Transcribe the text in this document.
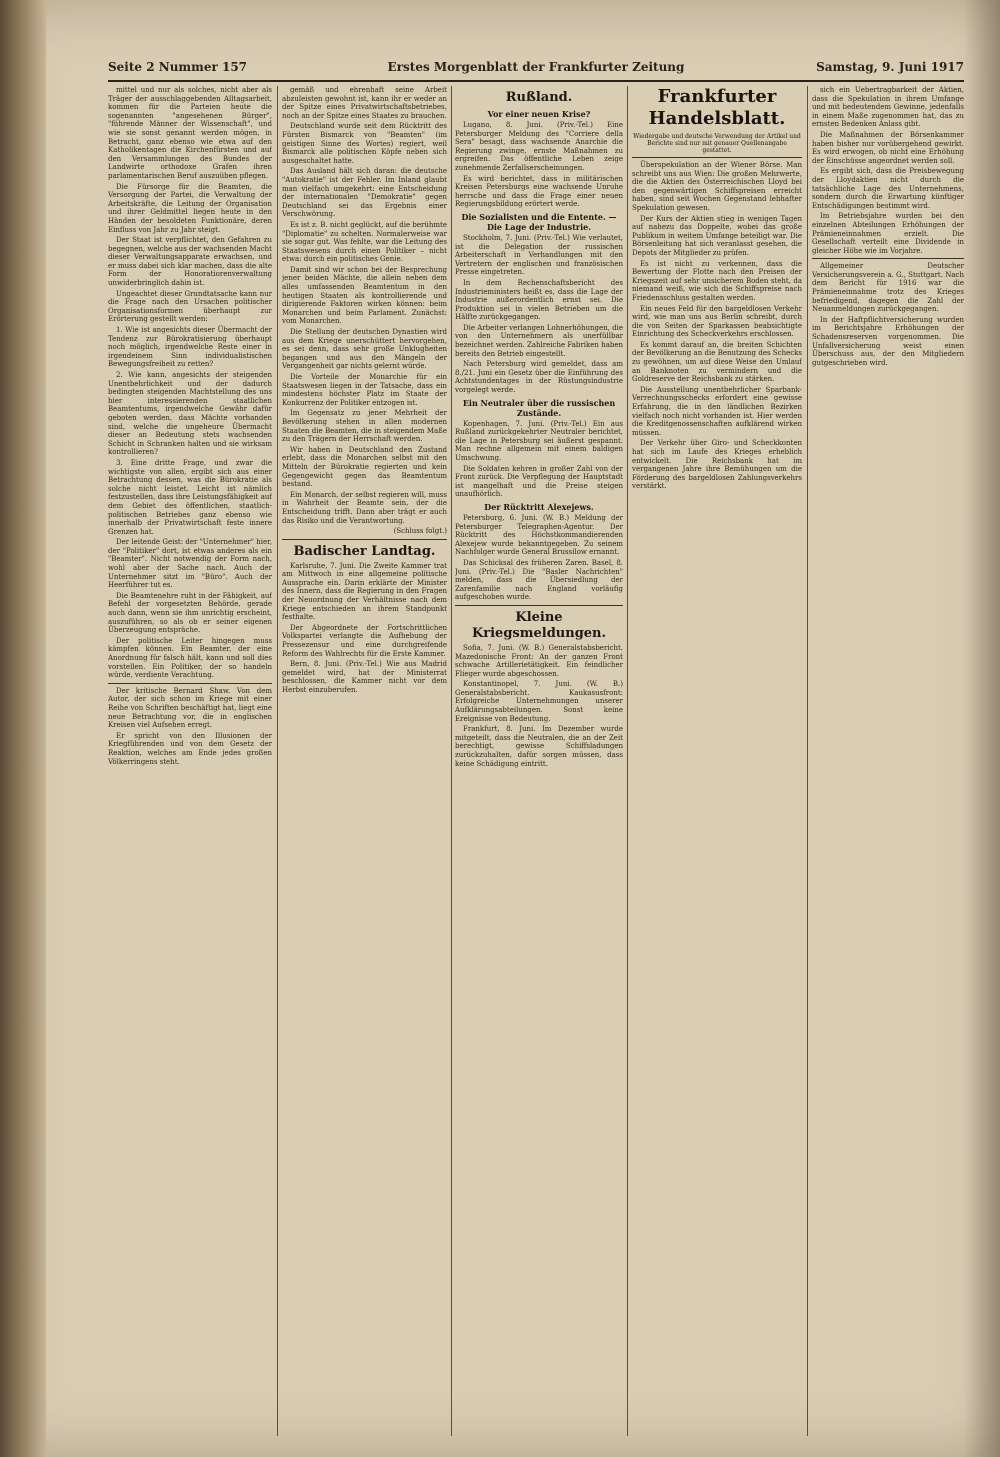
Seite 2 Nummer 157	Erstes Morgenblatt der Frankfurter Zeitung	Samstag, 9. Juni 1917

mittel und nur als solches, nicht aber als Träger der ausschlaggebenden Alltagsarbeit, kommen für die Parteien heute die sogenannten "angesehenen Bürger", "führende Männer der Wissenschaft", und wie sie sonst genannt werden mögen, in Betracht, ganz ebenso wie etwa auf den Katholikentagen die Kirchenfürsten und auf den Versammlungen des Bundes der Landwirte orthodoxe Grafen ihren parlamentarischen Beruf auszuüben pflegen.

Die Fürsorge für die Beamten, die Versorgung der Partei, die Verwaltung der Arbeitskräfte, die Leitung der Organisation und ihrer Geldmittel liegen heute in den Händen der besoldeten Funktionäre, deren Einfluss von Jahr zu Jahr steigt.

Der Staat ist verpflichtet, den Gefahren zu begegnen, welche aus der wachsenden Macht dieser Verwaltungsapparate erwachsen, und er muss dabei sich klar machen, dass die alte Form der Honoratiorenverwaltung unwiderbringlich dahin ist.

Ungeachtet dieser Grundtatsache kann nur die Frage nach den Ursachen politischer Organisationsformen überhaupt zur Erörterung gestellt werden:

1. Wie ist angesichts dieser Übermacht der Tendenz zur Bürokratisierung überhaupt noch möglich, irgendwelche Reste einer in irgendeinem Sinn individualistischen Bewegungsfreiheit zu retten?

2. Wie kann, angesichts der steigenden Unentbehrlichkeit und der dadurch bedingten steigenden Machtstellung des uns hier interessierenden staatlichen Beamtentums, irgendwelche Gewähr dafür geboten werden, dass Mächte vorhanden sind, welche die ungeheure Übermacht dieser an Bedeutung stets wachsenden Schicht in Schranken halten und sie wirksam kontrollieren?

3. Eine dritte Frage, und zwar die wichtigste von allen, ergibt sich aus einer Betrachtung dessen, was die Bürokratie als solche nicht leistet. Leicht ist nämlich festzustellen, dass ihre Leistungsfähigkeit auf dem Gebiet des öffentlichen, staatlich-politischen Betriebes ganz ebenso wie innerhalb der Privatwirtschaft feste innere Grenzen hat.

Der leitende Geist: der "Unternehmer" hier, der "Politiker" dort, ist etwas anderes als ein "Beamter". Nicht notwendig der Form nach, wohl aber der Sache nach. Auch der Unternehmer sitzt im "Büro". Auch der Heerführer tut es.

Die Beamtenehre ruht in der Fähigkeit, auf Befehl der vorgesetzten Behörde, gerade auch dann, wenn sie ihm unrichtig erscheint, auszuführen, so als ob er seiner eigenen Überzeugung entspräche.

Der politische Leiter hingegen muss kämpfen können. Ein Beamter, der eine Anordnung für falsch hält, kann und soll dies vorstellen. Ein Politiker, der so handeln würde, verdiente Verachtung.

Der kritische Bernard Shaw. Von dem Autor, der sich schon im Kriege mit einer Reihe von Schriften beschäftigt hat, liegt eine neue Betrachtung vor, die in englischen Kreisen viel Aufsehen erregt.

Er spricht von den Illusionen der Kriegführenden und von dem Gesetz der Reaktion, welches am Ende jedes großen Völkerringens steht.

gemäß und ehrenhaft seine Arbeit abzuleisten gewohnt ist, kann ihr er weder an der Spitze eines Privatwirtschaftsbetriebes, noch an der Spitze eines Staates zu brauchen.

Deutschland wurde seit dem Rücktritt des Fürsten Bismarck von "Beamten" (im geistigen Sinne des Wortes) regiert, weil Bismarck alle politischen Köpfe neben sich ausgeschaltet hatte.

Das Ausland hält sich daran: die deutsche "Autokratie" ist der Fehler. Im Inland glaubt man vielfach umgekehrt: eine Entscheidung der internationalen "Demokratie" gegen Deutschland sei das Ergebnis einer Verschwörung.

Es ist z. B. nicht geglückt, auf die berühmte "Diplomatie" zu schelten. Normalerweise war sie sogar gut. Was fehlte, war die Leitung des Staatswesens durch einen Politiker – nicht etwa: durch ein politisches Genie.

Damit sind wir schon bei der Besprechung jener beiden Mächte, die allein neben dem alles umfassenden Beamtentum in den heutigen Staaten als kontrollierende und dirigierende Faktoren wirken können: beim Monarchen und beim Parlament. Zunächst: vom Monarchen.

Die Stellung der deutschen Dynastien wird aus dem Kriege unerschüttert hervorgehen, es sei denn, dass sehr große Unklugheiten begangen und aus den Mängeln der Vergangenheit gar nichts gelernt würde.

Die Vorteile der Monarchie für ein Staatswesen liegen in der Tatsache, dass ein mindestens höchster Platz im Staate der Konkurrenz der Politiker entzogen ist.

Im Gegensatz zu jener Mehrheit der Bevölkerung stehen in allen modernen Staaten die Beamten, die in steigendem Maße zu den Trägern der Herrschaft werden.

Wir haben in Deutschland den Zustand erlebt, dass die Monarchen selbst mit den Mitteln der Bürokratie regierten und kein Gegengewicht gegen das Beamtentum bestand.

Ein Monarch, der selbst regieren will, muss in Wahrheit der Beamte sein, der die Entscheidung trifft. Dann aber trägt er auch das Risiko und die Verantwortung.

(Schluss folgt.)

Badischer Landtag.

Karlsruhe, 7. Juni. Die Zweite Kammer trat am Mittwoch in eine allgemeine politische Aussprache ein. Darin erklärte der Minister des Innern, dass die Regierung in den Fragen der Neuordnung der Verhältnisse nach dem Kriege entschieden an ihrem Standpunkt festhalte.

Der Abgeordnete der Fortschrittlichen Volkspartei verlangte die Aufhebung der Pressezensur und eine durchgreifende Reform des Wahlrechts für die Erste Kammer.

Bern, 8. Juni. (Priv.-Tel.) Wie aus Madrid gemeldet wird, hat der Ministerrat beschlossen, die Kammer nicht vor dem Herbst einzuberufen.

Rußland.
Vor einer neuen Krise?

Lugano, 8. Juni. (Priv.-Tel.) Eine Petersburger Meldung des "Corriere della Sera" besagt, dass wachsende Anarchie die Regierung zwinge, ernste Maßnahmen zu ergreifen. Das öffentliche Leben zeige zunehmende Zerfallserscheinungen.

Es wird berichtet, dass in militärischen Kreisen Petersburgs eine wachsende Unruhe herrsche und dass die Frage einer neuen Regierungsbildung erörtert werde.

Die Sozialisten und die Entente. — Die Lage der Industrie.

Stockholm, 7. Juni. (Priv.-Tel.) Wie verlautet, ist die Delegation der russischen Arbeiterschaft in Verhandlungen mit den Vertretern der englischen und französischen Presse eingetreten.

In dem Rechenschaftsbericht des Industrieministers heißt es, dass die Lage der Industrie außerordentlich ernst sei. Die Produktion sei in vielen Betrieben um die Hälfte zurückgegangen.

Die Arbeiter verlangen Lohnerhöhungen, die von den Unternehmern als unerfüllbar bezeichnet werden. Zahlreiche Fabriken haben bereits den Betrieb eingestellt.

Nach Petersburg wird gemeldet, dass am 8./21. Juni ein Gesetz über die Einführung des Achtstundentages in der Rüstungsindustrie vorgelegt werde.

Ein Neutraler über die russischen Zustände.

Kopenhagen, 7. Juni. (Priv.-Tel.) Ein aus Rußland zurückgekehrter Neutraler berichtet, die Lage in Petersburg sei äußerst gespannt. Man rechne allgemein mit einem baldigen Umschwung.

Die Soldaten kehren in großer Zahl von der Front zurück. Die Verpflegung der Hauptstadt ist mangelhaft und die Preise steigen unaufhörlich.

Der Rücktritt Alexejews.

Petersburg, 6. Juni. (W. B.) Meldung der Petersburger Telegraphen-Agentur. Der Rücktritt des Höchstkommandierenden Alexejew wurde bekanntgegeben. Zu seinem Nachfolger wurde General Brussilow ernannt.

Das Schicksal des früheren Zaren. Basel, 8. Juni. (Priv.-Tel.) Die "Basler Nachrichten" melden, dass die Übersiedlung der Zarenfamilie nach England vorläufig aufgeschoben wurde.

Kleine Kriegsmeldungen.

Sofia, 7. Juni. (W. B.) Generalstabsbericht. Mazedonische Front: An der ganzen Front schwache Artillerietätigkeit. Ein feindlicher Flieger wurde abgeschossen.

Konstantinopel, 7. Juni. (W. B.) Generalstabsbericht. Kaukasusfront: Erfolgreiche Unternehmungen unserer Aufklärungsabteilungen. Sonst keine Ereignisse von Bedeutung.

Frankfurt, 8. Juni. Im Dezember wurde mitgeteilt, dass die Neutralen, die an der Zeit berechtigt, gewisse Schiffsladungen zurückzuhalten, dafür sorgen müssen, dass keine Schädigung eintritt.

Frankfurter Handelsblatt.
Wiedergabe und deutsche Verwendung der Artikel und Berichte sind nur mit genauer Quellenangabe gestattet.

Überspekulation an der Wiener Börse. Man schreibt uns aus Wien: Die großen Mehrwerte, die die Aktien des Österreichischen Lloyd bei den gegenwärtigen Schiffspreisen erreicht haben, sind seit Wochen Gegenstand lebhafter Spekulation gewesen.

Der Kurs der Aktien stieg in wenigen Tagen auf nahezu das Doppelte, wobei das große Publikum in weitem Umfange beteiligt war. Die Börsenleitung hat sich veranlasst gesehen, die Depots der Mitglieder zu prüfen.

Es ist nicht zu verkennen, dass die Bewertung der Flotte nach den Preisen der Kriegszeit auf sehr unsicherem Boden steht, da niemand weiß, wie sich die Schiffspreise nach Friedensschluss gestalten werden.

Ein neues Feld für den bargeldlosen Verkehr wird, wie man uns aus Berlin schreibt, durch die von Seiten der Sparkassen beabsichtigte Einrichtung des Scheckverkehrs erschlossen.

Es kommt darauf an, die breiten Schichten der Bevölkerung an die Benutzung des Schecks zu gewöhnen, um auf diese Weise den Umlauf an Banknoten zu vermindern und die Goldreserve der Reichsbank zu stärken.

Die Ausstellung unentbehrlicher Sparbank-Verrechnungsschecks erfordert eine gewisse Erfahrung, die in den ländlichen Bezirken vielfach noch nicht vorhanden ist. Hier werden die Kreditgenossenschaften aufklärend wirken müssen.

Der Verkehr über Giro- und Scheckkonten hat sich im Laufe des Krieges erheblich entwickelt. Die Reichsbank hat im vergangenen Jahre ihre Bemühungen um die Förderung des bargeldlosen Zahlungsverkehrs verstärkt.

sich ein Uebertragbarkeit der Aktien, dass die Spekulation in ihrem Umfange und mit bedeutendem Gewinne, jedenfalls in einem Maße zugenommen hat, das zu ernsten Bedenken Anlass gibt.

Die Maßnahmen der Börsenkammer haben bisher nur vorübergehend gewirkt. Es wird erwogen, ob nicht eine Erhöhung der Einschüsse angeordnet werden soll.

Es ergibt sich, dass die Preisbewegung der Lloydaktien nicht durch die tatsächliche Lage des Unternehmens, sondern durch die Erwartung künftiger Entschädigungen bestimmt wird.

Im Betriebsjahre wurden bei den einzelnen Abteilungen Erhöhungen der Prämieneinnahmen erzielt. Die Gesellschaft verteilt eine Dividende in gleicher Höhe wie im Vorjahre.

Allgemeiner Deutscher Versicherungsverein a. G., Stuttgart. Nach dem Bericht für 1916 war die Prämieneinnahme trotz des Krieges befriedigend, dagegen die Zahl der Neuanmeldungen zurückgegangen.

In der Haftpflichtversicherung wurden im Berichtsjahre Erhöhungen der Schadensreserven vorgenommen. Die Unfallversicherung weist einen Überschuss aus, der den Mitgliedern gutgeschrieben wird.
